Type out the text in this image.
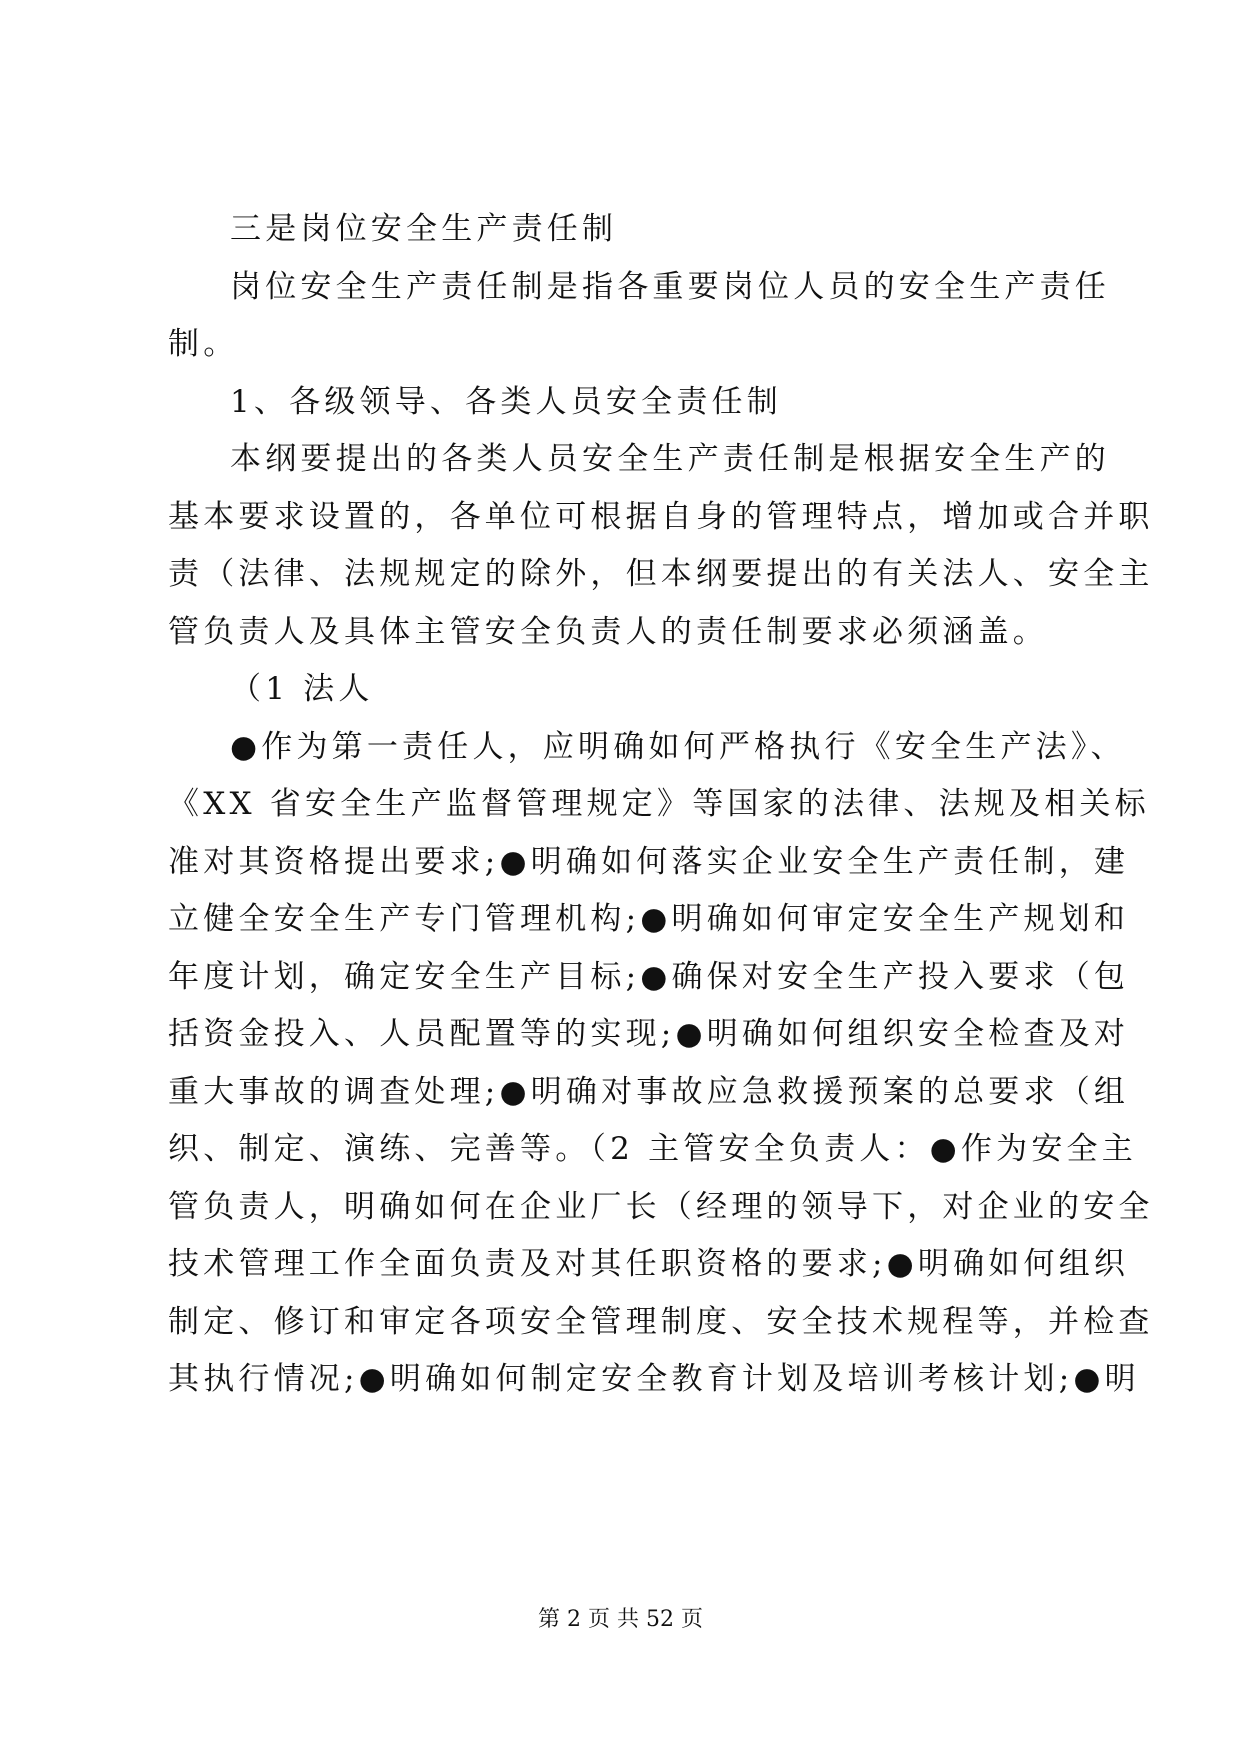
三是岗位安全生产责任制
岗位安全生产责任制是指各重要岗位人员的安全生产责任
制。
1、各级领导、各类人员安全责任制
本纲要提出的各类人员安全生产责任制是根据安全生产的
基本要求设置的，各单位可根据自身的管理特点，增加或合并职
责（法律、法规规定的除外，但本纲要提出的有关法人、安全主
管负责人及具体主管安全负责人的责任制要求必须涵盖。
（1 法人
●作为第一责任人，应明确如何严格执行《安全生产法》、
《XX 省安全生产监督管理规定》等国家的法律、法规及相关标
准对其资格提出要求;●明确如何落实企业安全生产责任制，建
立健全安全生产专门管理机构;●明确如何审定安全生产规划和
年度计划，确定安全生产目标;●确保对安全生产投入要求（包
括资金投入、人员配置等的实现;●明确如何组织安全检查及对
重大事故的调查处理;●明确对事故应急救援预案的总要求（组
织、制定、演练、完善等。（2 主管安全负责人：●作为安全主
管负责人，明确如何在企业厂长（经理的领导下，对企业的安全
技术管理工作全面负责及对其任职资格的要求;●明确如何组织
制定、修订和审定各项安全管理制度、安全技术规程等，并检查
其执行情况;●明确如何制定安全教育计划及培训考核计划;●明
第 2 页 共 52 页
